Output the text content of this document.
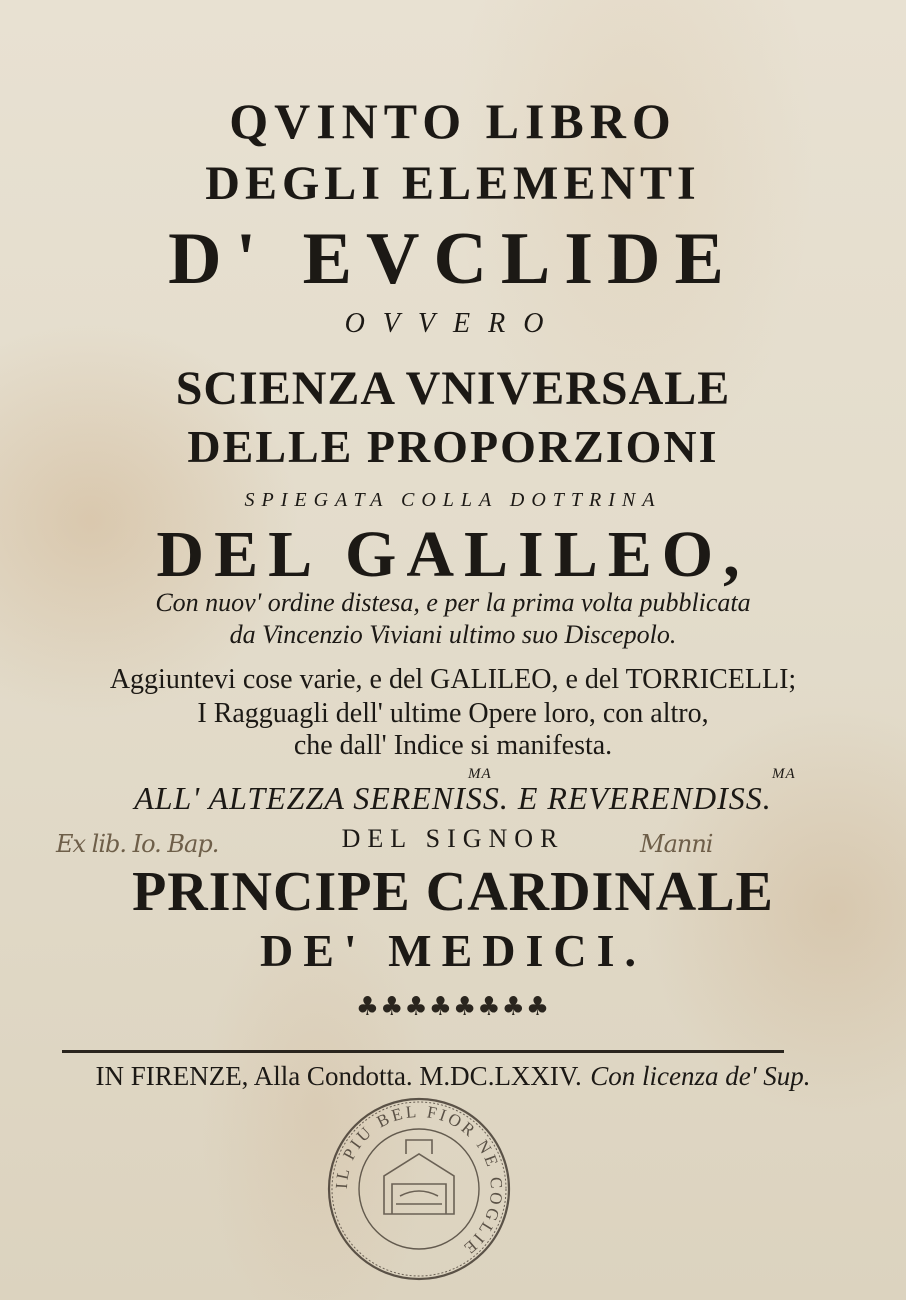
QVINTO LIBRO
DEGLI ELEMENTI
D' EVCLIDE
OVVERO
SCIENZA VNIVERSALE
DELLE PROPORZIONI
SPIEGATA COLLA DOTTRINA
DEL GALILEO,
Con nuov' ordine distesa, e per la prima volta pubblicata
da Vincenzio Viviani ultimo suo Discepolo.
Aggiuntevi cose varie, e del GALILEO, e del TORRICELLI;
I Ragguagli dell' ultime Opere loro, con altro,
che dall' Indice si manifesta.
MA	MA
ALL' ALTEZZA SERENISS. E REVERENDISS.
DEL SIGNOR
Ex lib. Io. Bap.	Manni
PRINCIPE CARDINALE
DE' MEDICI.
♣♣♣♣♣♣♣♣
IN FIRENZE, Alla Condotta. M.DC.LXXIV. Con licenza de' Sup.
IL PIU BEL FIOR NE COGLIE
